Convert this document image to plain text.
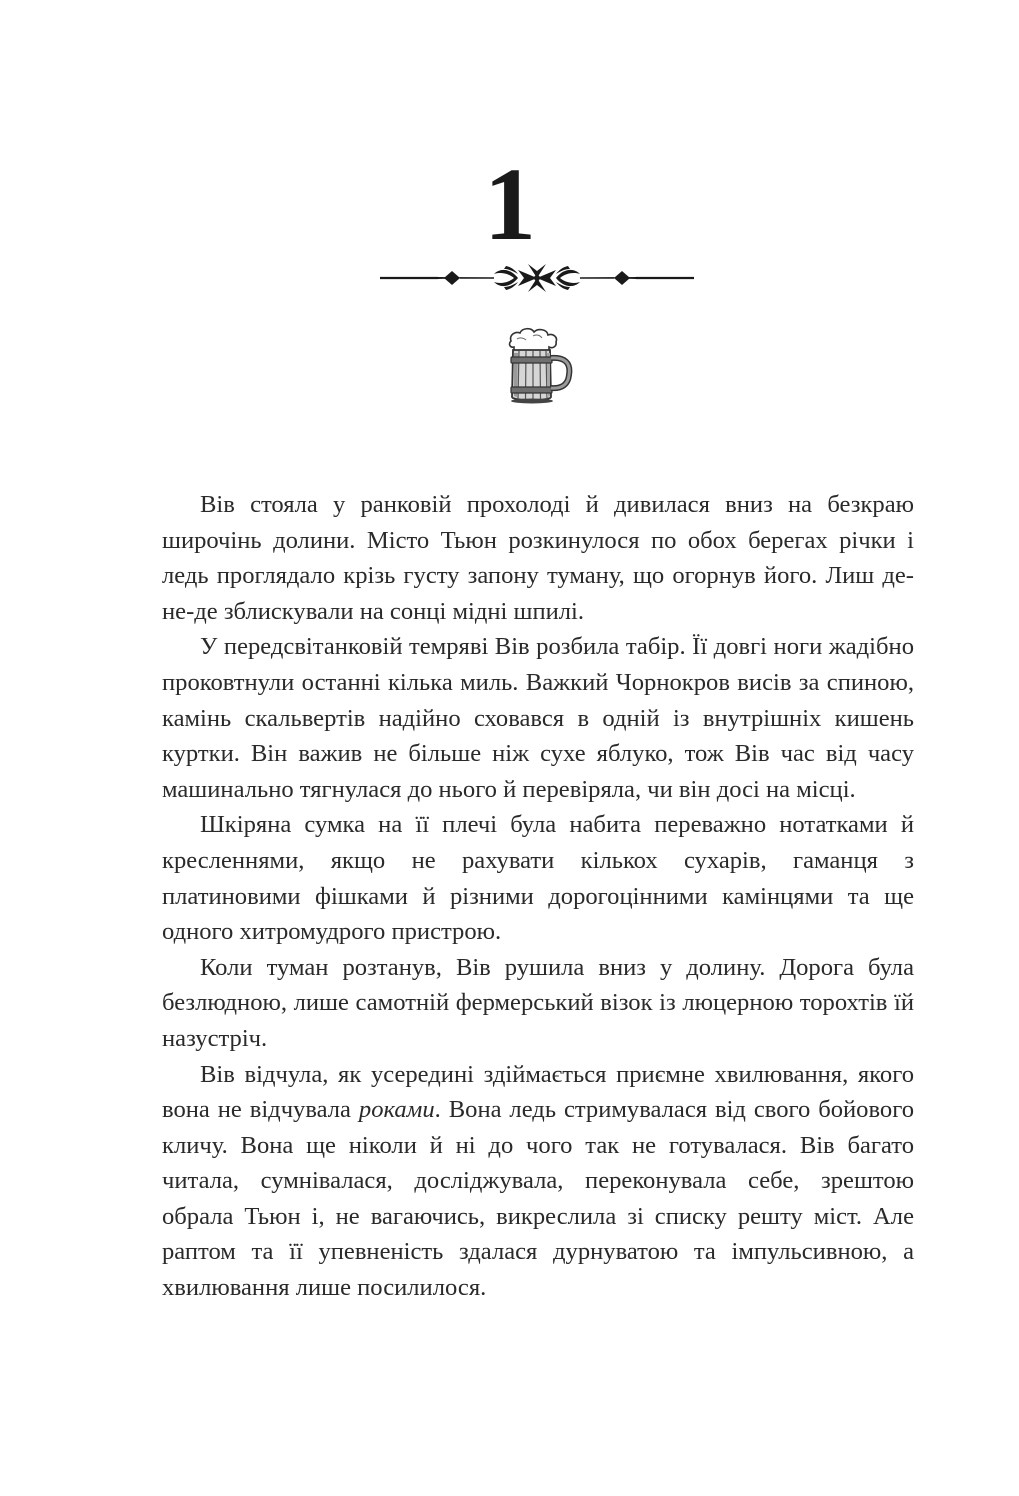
1

Вів стояла у ранковій прохолоді й дивилася вниз на безкраю широчінь долини. Місто Тьюн розкинулося по обох берегах річки і ледь проглядало крізь густу запону туману, що огорнув його. Лиш де-не-де зблискували на сонці мідні шпилі.

У передсвітанковій темряві Вів розбила табір. Її довгі ноги жадібно проковтнули останні кілька миль. Важкий Чорнокров висів за спиною, камінь скальвертів надійно сховався в одній із внутрішніх кишень куртки. Він важив не більше ніж сухе яблуко, тож Вів час від часу машинально тягнулася до нього й перевіряла, чи він досі на місці.

Шкіряна сумка на її плечі була набита переважно нотатками й кресленнями, якщо не рахувати кількох сухарів, гаманця з платиновими фішками й різними дорогоцінними камінцями та ще одного хитромудрого пристрою.

Коли туман розтанув, Вів рушила вниз у долину. Дорога була безлюдною, лише самотній фермерський візок із люцерною торохтів їй назустріч.

Вів відчула, як усередині здіймається приємне хвилювання, якого вона не відчувала роками. Вона ледь стримувалася від свого бойового кличу. Вона ще ніколи й ні до чого так не готувалася. Вів багато читала, сумнівалася, досліджувала, переконувала себе, зрештою обрала Тьюн і, не вагаючись, викреслила зі списку решту міст. Але раптом та її упевненість здалася дурнуватою та імпульсивною, а хвилювання лише посилилося.
